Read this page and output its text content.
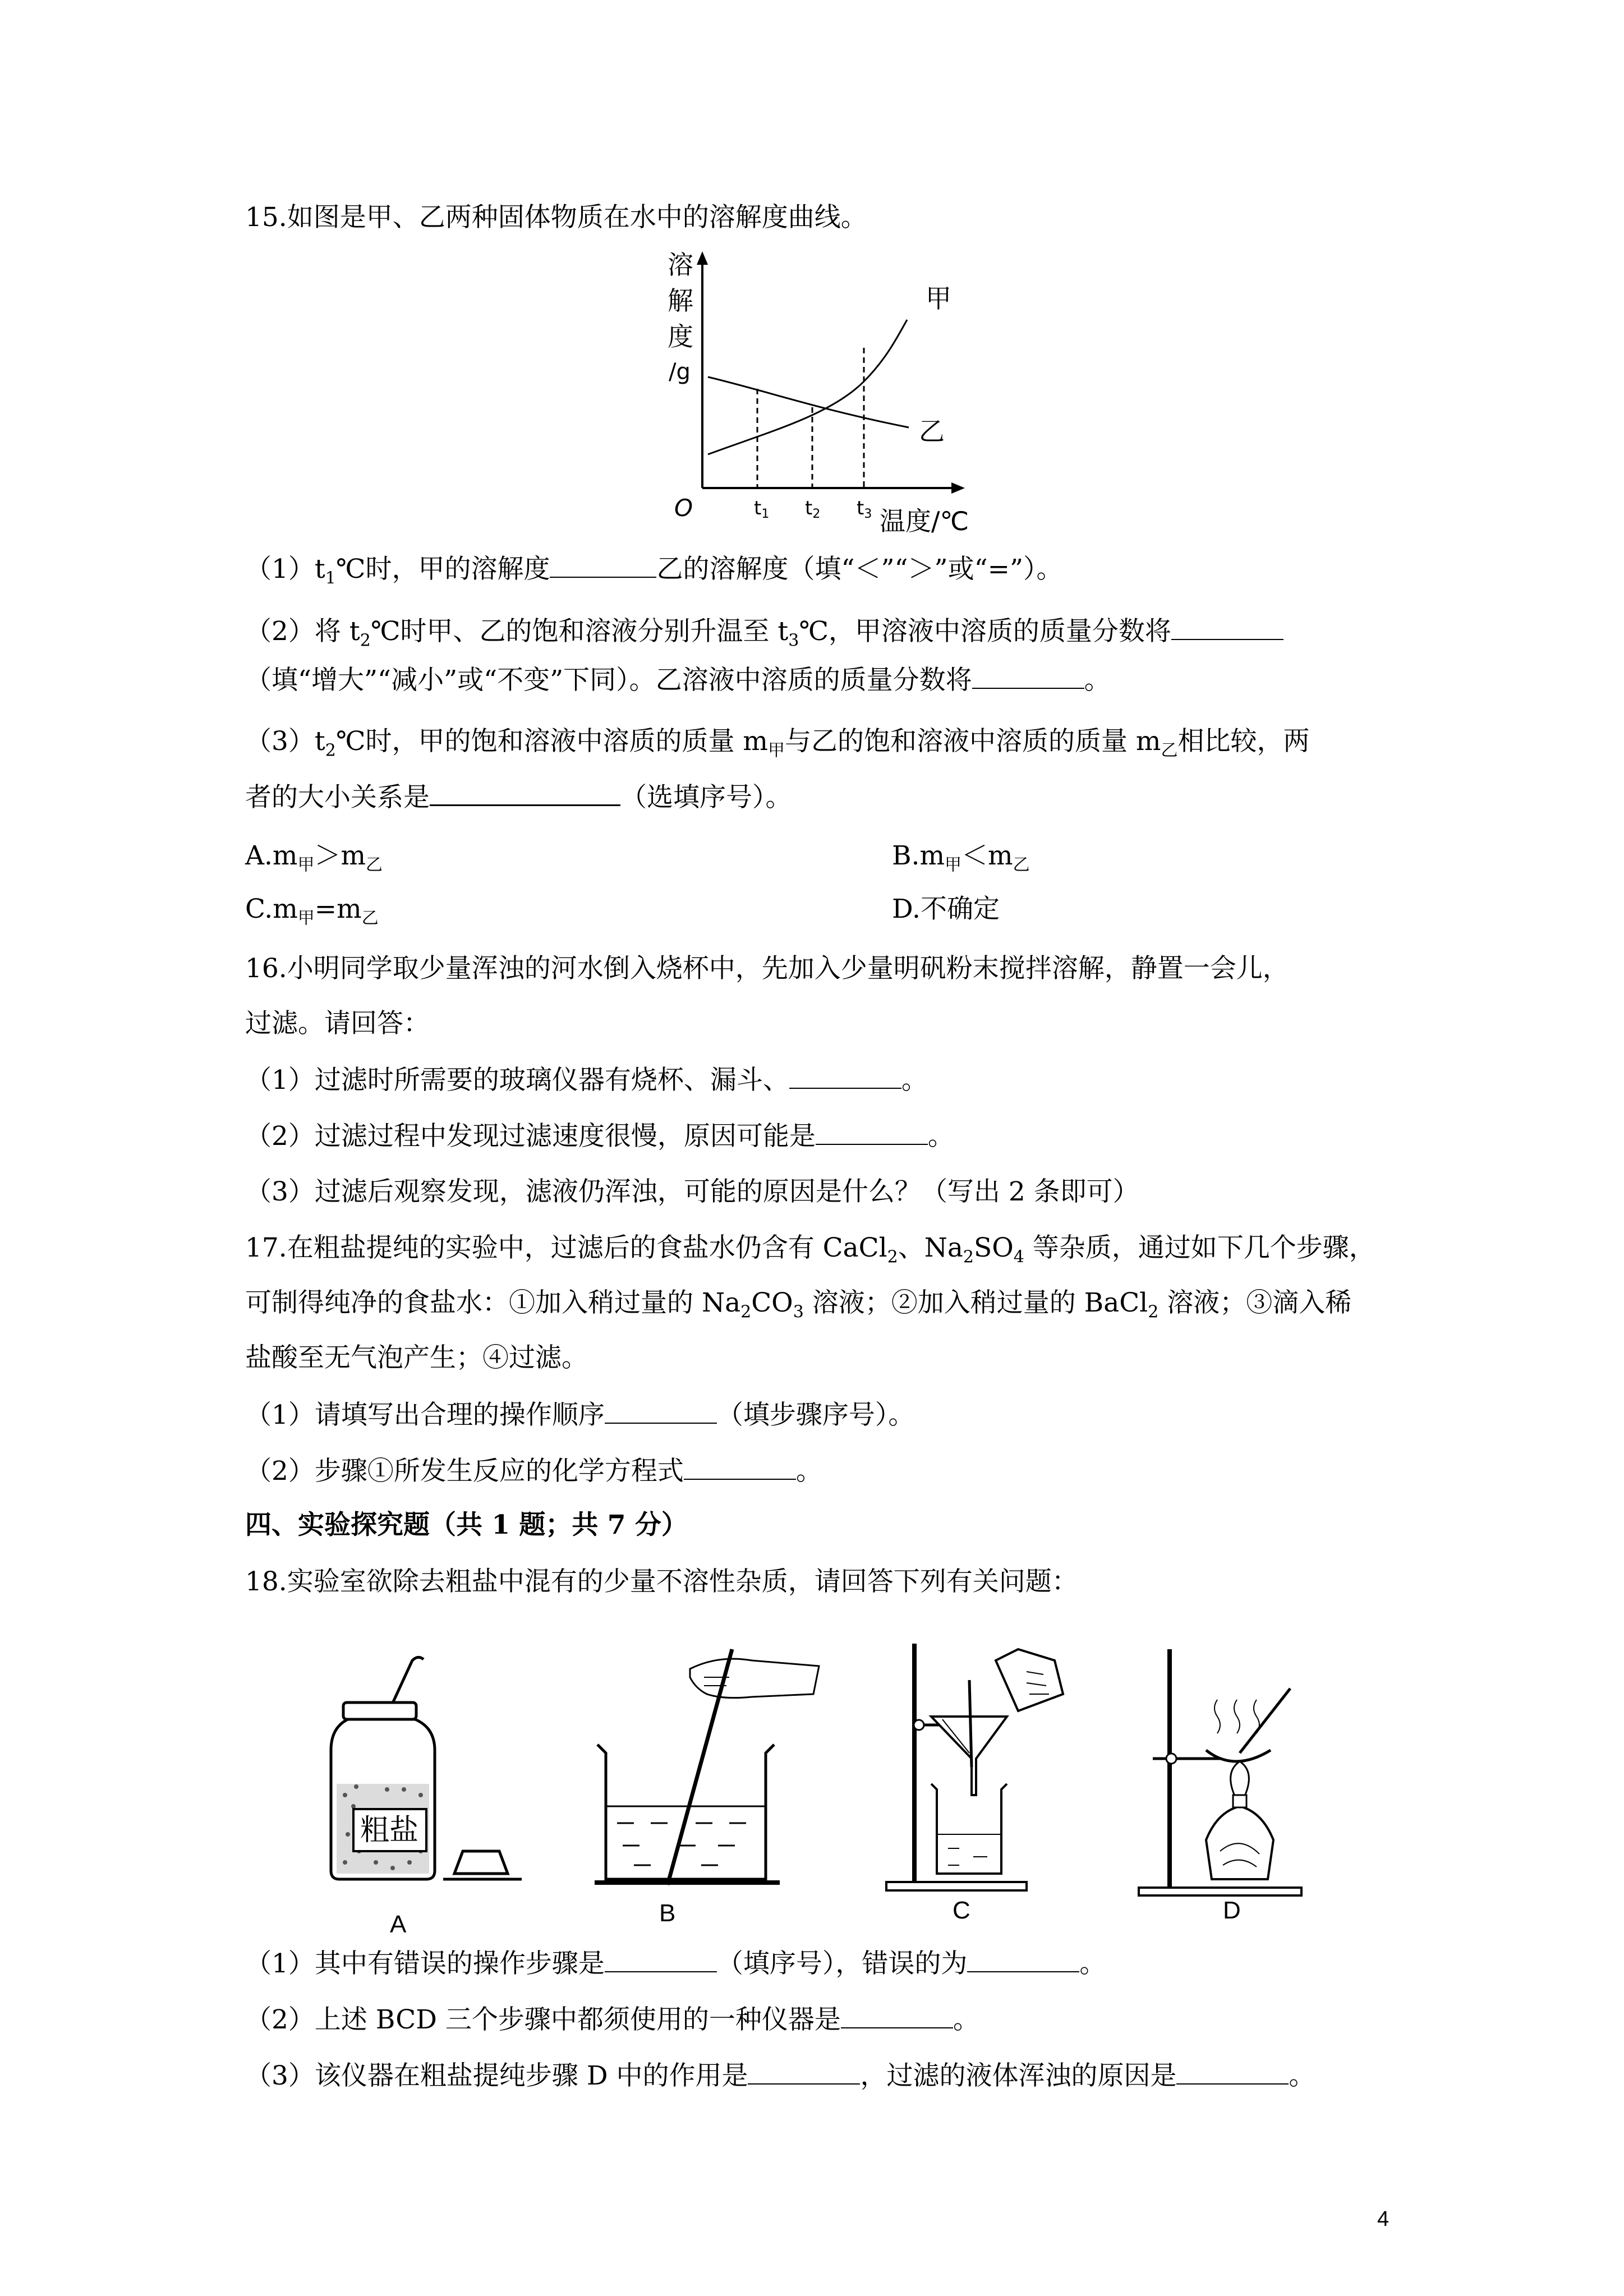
15.如图是甲、乙两种固体物质在水中的溶解度曲线。
溶
解
度
/g
O	温度/℃
甲
乙
t1 t2 t3
$(1)t_1℃$时，甲的溶解度	乙的溶解度（填“＜”“＞”或“=”）。
（2）将 $t_2℃$时甲、乙的饱和溶液分别升温至 $t_3℃$，甲溶液中溶质的质量分数将
（填“增大”“减小”或“不变”下同）。乙溶液中溶质的质量分数将	。
$(3)t_2℃$时，甲的饱和溶液中溶质的质量 $m_甲$与乙的饱和溶液中溶质的质量 $m_乙$相比较，两
者的大小关系是	（选填序号）。
$A.m_甲>m_乙$	$B.m_甲<m_乙$
$C.m_甲=m_乙$	D.不确定
16.小明同学取少量浑浊的河水倒入烧杯中，先加入少量明矾粉末搅拌溶解，静置一会儿，
过滤。请回答：
（1）过滤时所需要的玻璃仪器有烧杯、漏斗、	。
（2）过滤过程中发现过滤速度很慢，原因可能是	。
（3）过滤后观察发现，滤液仍浑浊，可能的原因是什么？（写出 2 条即可）
17.在粗盐提纯的实验中，过滤后的食盐水仍含有 CaCl$_2$、$Na_2SO_4$ 等杂质，通过如下几个步骤，
可制得纯净的食盐水：①加入稍过量的 $Na_2CO_3$ 溶液；②加入稍过量的 BaCl$_2$ 溶液；③滴入稀
盐酸至无气泡产生；④过滤。
（1）请填写出合理的操作顺序	（填步骤序号）。
（2）步骤①所发生反应的化学方程式	。
四、实验探究题（共 1 题；共 7 分）
18.实验室欲除去粗盐中混有的少量不溶性杂质，请回答下列有关问题：
粗盐
A	B	C	D
（1）其中有错误的操作步骤是	（填序号），错误的为	。
（2）上述 BCD 三个步骤中都须使用的一种仪器是	。
（3）该仪器在粗盐提纯步骤 D 中的作用是	，过滤的液体浑浊的原因是	。
4
